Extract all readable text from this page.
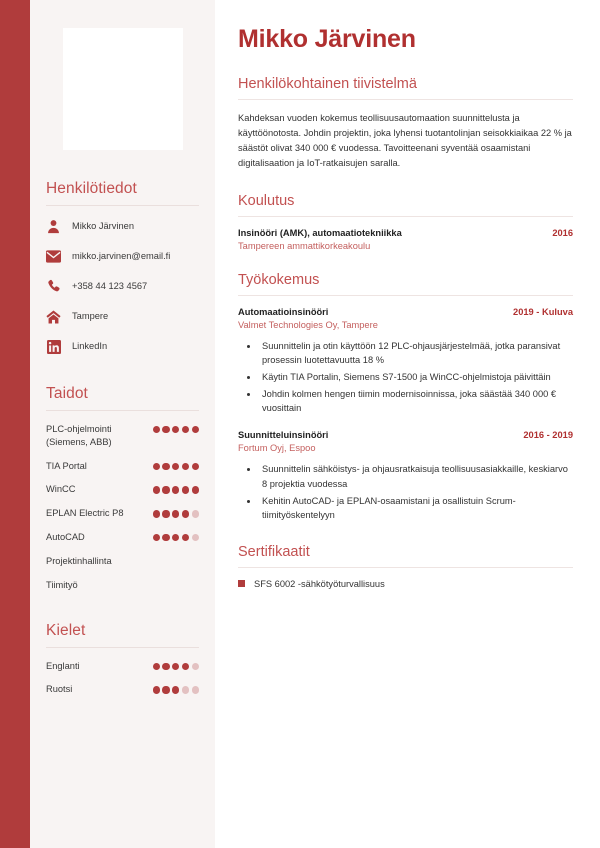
Henkilötiedot
Mikko Järvinen
mikko.jarvinen@email.fi
+358 44 123 4567
Tampere
LinkedIn
Taidot
PLC-ohjelmointi (Siemens, ABB)
TIA Portal
WinCC
EPLAN Electric P8
AutoCAD
Projektinhallinta
Tiimityö
Kielet
Englanti
Ruotsi
Mikko Järvinen
Henkilökohtainen tiivistelmä

Kahdeksan vuoden kokemus teollisuusautomaation suunnittelusta ja käyttöönotosta. Johdin projektin, joka lyhensi tuotantolinjan seisokkiaikaa 22 % ja säästöt olivat 340 000 € vuodessa. Tavoitteenani syventää osaamistani digitalisaation ja IoT-ratkaisujen saralla.

Koulutus
Insinööri (AMK), automaatiotekniikka	2016
Tampereen ammattikorkeakoulu
Työkokemus
Automaatioinsinööri	2019 - Kuluva
Valmet Technologies Oy, Tampere
• Suunnittelin ja otin käyttöön 12 PLC-ohjausjärjestelmää, jotka paransivat prosessin luotettavuutta 18 %
• Käytin TIA Portalin, Siemens S7-1500 ja WinCC-ohjelmistoja päivittäin
• Johdin kolmen hengen tiimin modernisoinnissa, joka säästää 340 000 € vuosittain
Suunnitteluinsinööri	2016 - 2019
Fortum Oyj, Espoo
• Suunnittelin sähköistys- ja ohjausratkaisuja teollisuusasiakkaille, keskiarvo 8 projektia vuodessa
• Kehitin AutoCAD- ja EPLAN-osaamistani ja osallistuin Scrum-tiimityöskentelyyn
Sertifikaatit
SFS 6002 -sähkötyöturvallisuus
